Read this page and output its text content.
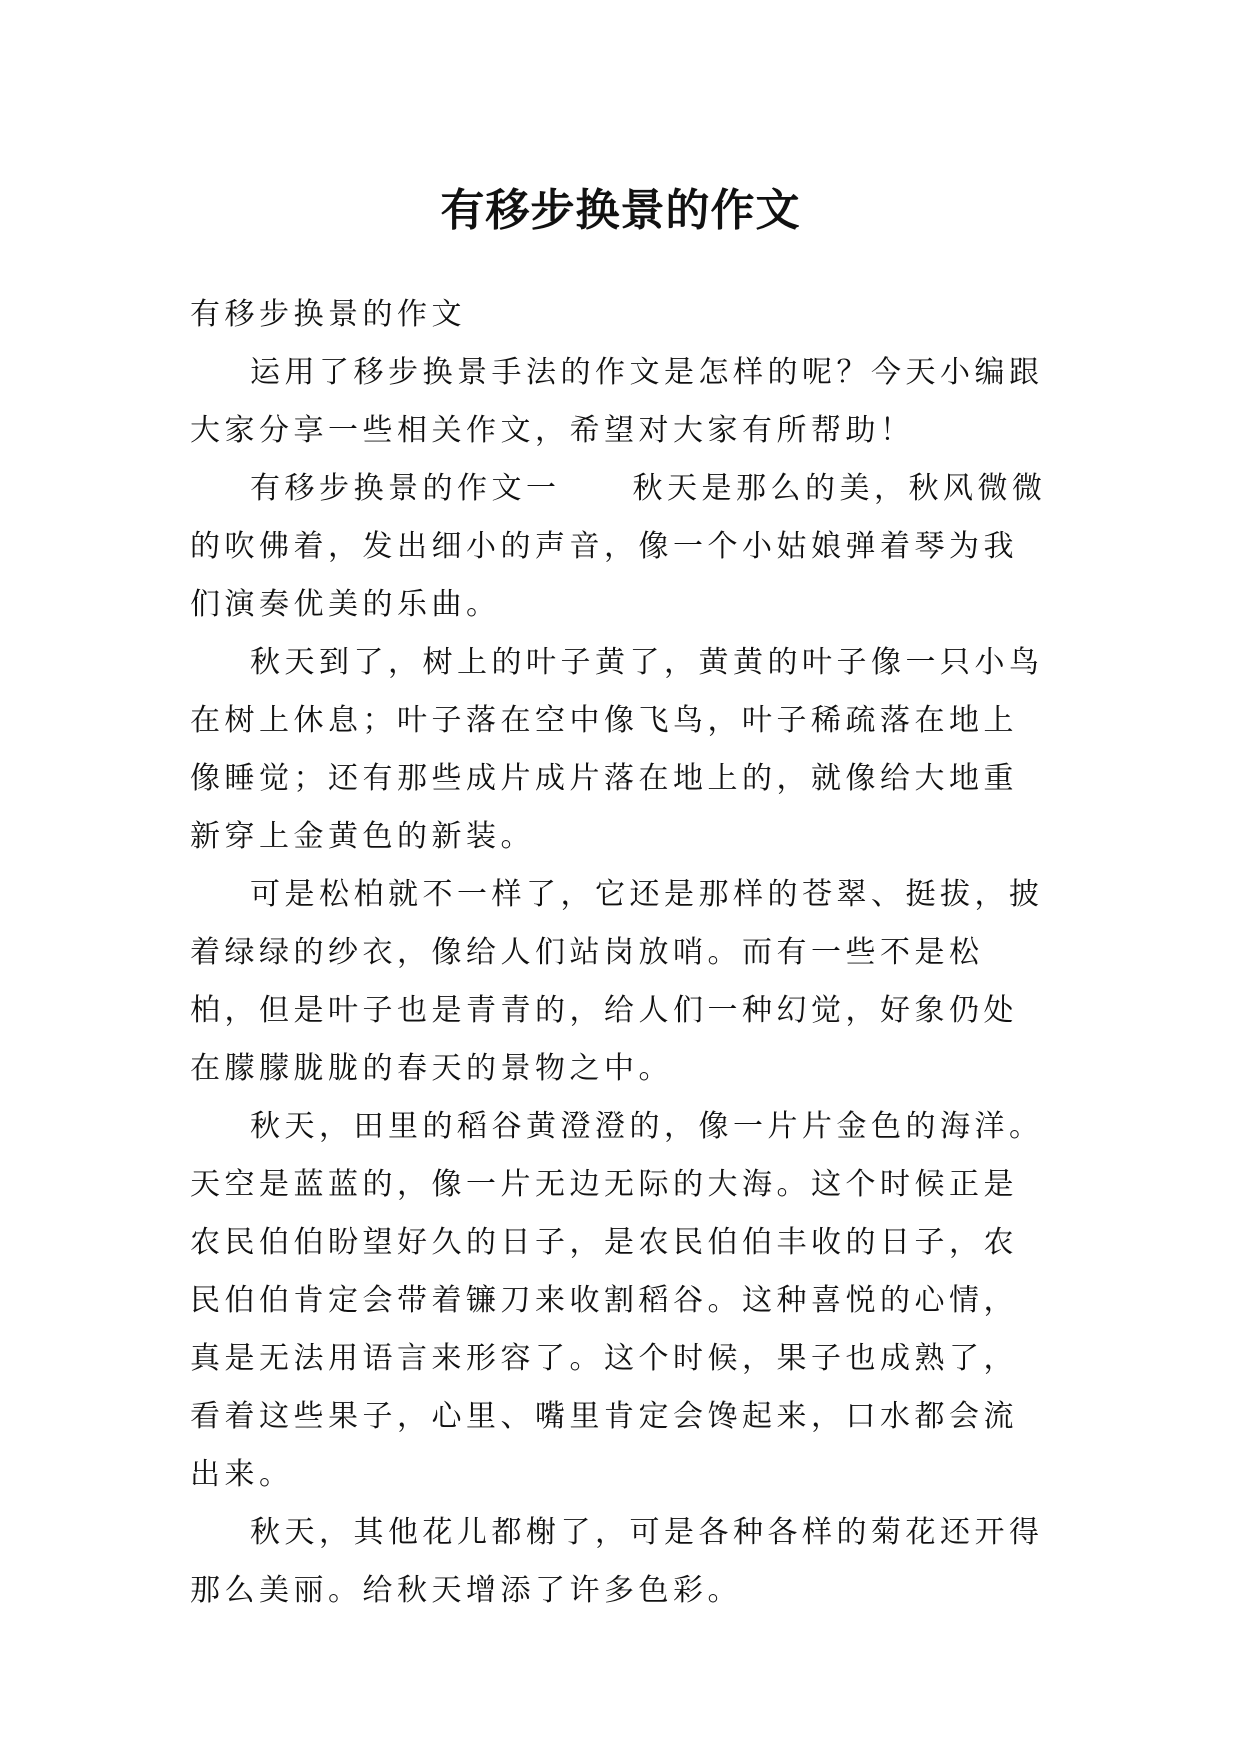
有移步换景的作文

有移步换景的作文

运用了移步换景手法的作文是怎样的呢？今天小编跟大家分享一些相关作文，希望对大家有所帮助！

有移步换景的作文一 秋天是那么的美，秋风微微的吹佛着，发出细小的声音，像一个小姑娘弹着琴为我们演奏优美的乐曲。

秋天到了，树上的叶子黄了，黄黄的叶子像一只小鸟在树上休息；叶子落在空中像飞鸟，叶子稀疏落在地上像睡觉；还有那些成片成片落在地上的，就像给大地重新穿上金黄色的新装。

可是松柏就不一样了，它还是那样的苍翠、挺拔，披着绿绿的纱衣，像给人们站岗放哨。而有一些不是松柏，但是叶子也是青青的，给人们一种幻觉，好象仍处在朦朦胧胧的春天的景物之中。

秋天，田里的稻谷黄澄澄的，像一片片金色的海洋。天空是蓝蓝的，像一片无边无际的大海。这个时候正是农民伯伯盼望好久的日子，是农民伯伯丰收的日子，农民伯伯肯定会带着镰刀来收割稻谷。这种喜悦的心情，真是无法用语言来形容了。这个时候，果子也成熟了，看着这些果子，心里、嘴里肯定会馋起来，口水都会流出来。

秋天，其他花儿都榭了，可是各种各样的菊花还开得那么美丽。给秋天增添了许多色彩。
